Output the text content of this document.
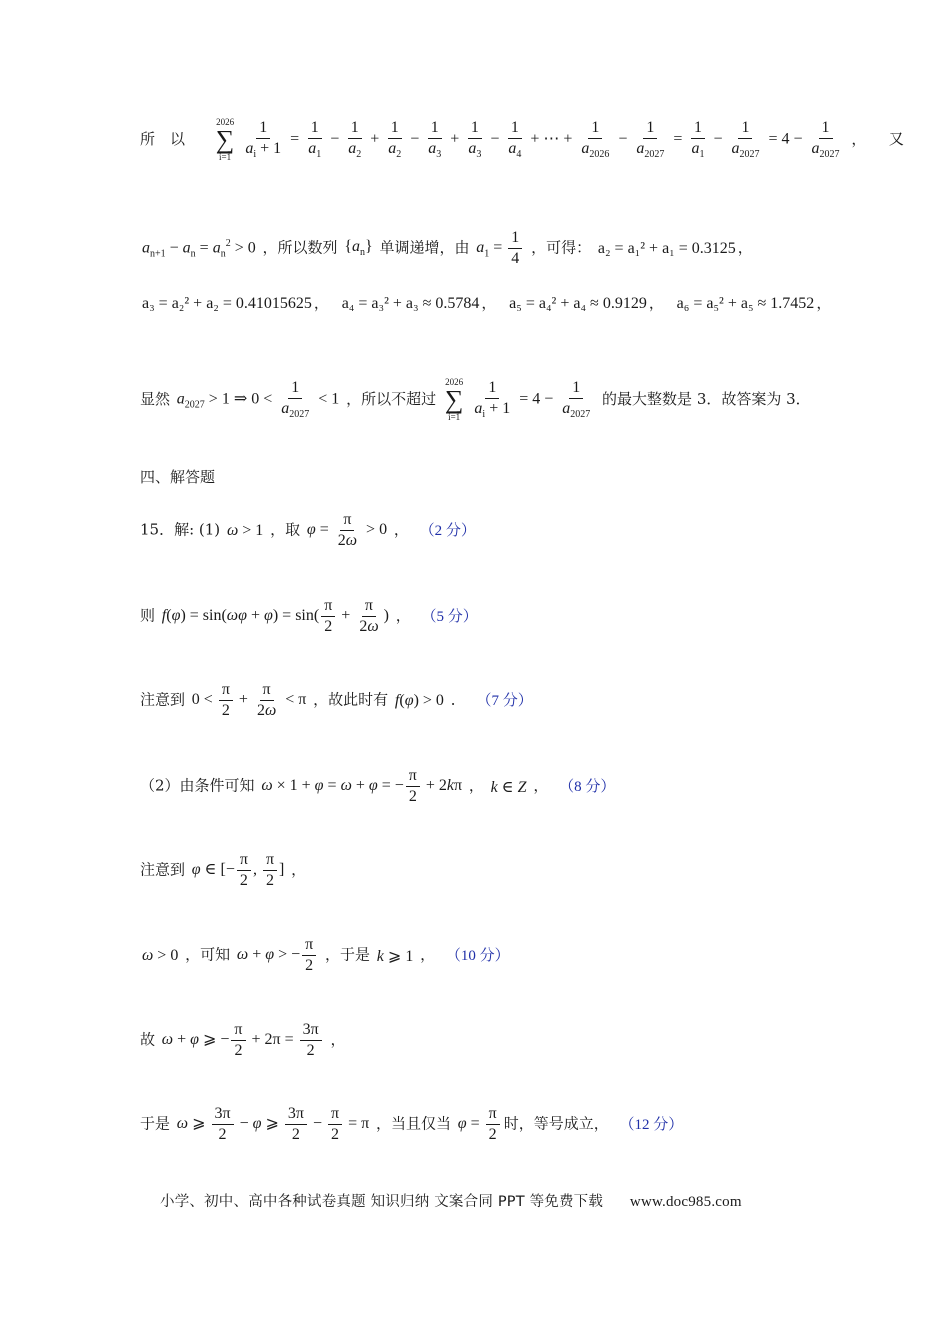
所　以
2026
∑
i=1
$\frac{1}{a_i + 1} = \frac{1}{a_1} - \frac{1}{a_2} + \frac{1}{a_2} - \frac{1}{a_3} + \frac{1}{a_3} - \frac{1}{a_4}$ + ⋯ + $\frac{1}{a_{2026}} - \frac{1}{a_{2027}} = \frac{1}{a_1} - \frac{1}{a_{2027}} = 4 - \frac{1}{a_{2027}}$ ，　　又
$a_{n+1} - a_n = a_n^2 > 0$ ，所以数列 $\{a_n\}$ 单调递增，由 $a_1 = \frac{1}{4}$ ，可得： a₂ = a₁² + a₁ = 0.3125 ，
a₃ = a₂² + a₂ = 0.41015625 ， a₄ = a₃² + a₃ ≈ 0.5784 ， a₅ = a₄² + a₄ ≈ 0.9129 ， a₆ = a₅² + a₅ ≈ 1.7452 ，
显然 $a_{2027} > 1$ ⇒ $0 < \frac{1}{a_{2027}} < 1$ ，所以不超过
2026
∑
i=1
$\frac{1}{a_i + 1} = 4 - \frac{1}{a_{2027}}$ 的最大整数是 3．故答案为 3．
四、解答题
15．解: (1) ω > 1 ，取 $\varphi = \frac{\pi}{2\omega} > 0$ ， （2 分）
则 $f(\varphi) = \sin(\omega\varphi + \varphi) = \sin( \frac{\pi}{2} + \frac{\pi}{2\omega}$ ) ， （5 分）
注意到 $0 < \frac{\pi}{2} + \frac{\pi}{2\omega} < \pi$ ，故此时有 f(φ) > 0 ． （7 分）
（2）由条件可知 ω × 1 + φ = ω + φ = − $\frac{\pi}{2} + 2k\pi$ ， k ∈ Z ， （8 分）
注意到 φ ∈ [− $\frac{\pi}{2}$ , $\frac{\pi}{2}$ ] ，
ω > 0 ，可知 ω + φ > − $\frac{\pi}{2}$ ，于是 k ⩾ 1 ， （10 分）
故 ω + φ ⩾ − $\frac{\pi}{2} + 2\pi = \frac{3\pi}{2}$ ，
于是 ω ⩾ $\frac{3\pi}{2} - \varphi$ ⩾ $\frac{3\pi}{2} - \frac{\pi}{2} = \pi$ ，当且仅当 $\varphi = \frac{\pi}{2}$ 时，等号成立， （12 分）
小学、初中、高中各种试卷真题 知识归纳 文案合同 PPT 等免费下载 www.doc985.com
